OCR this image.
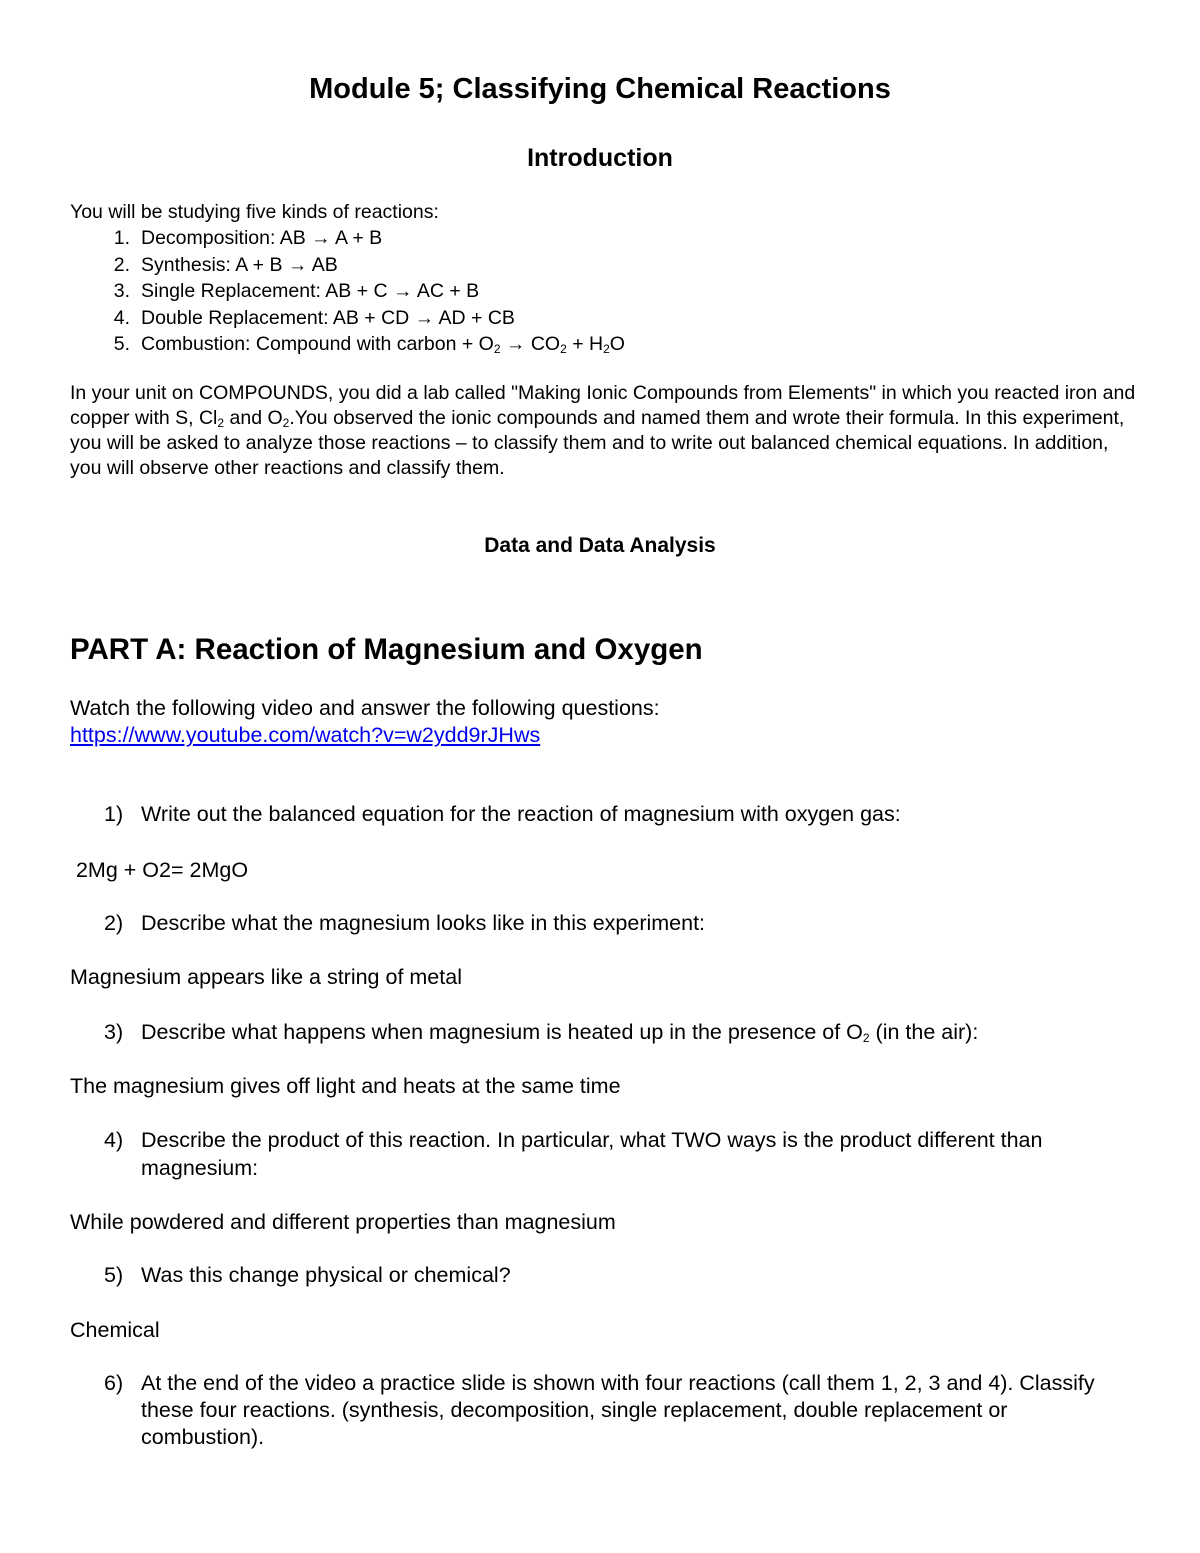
Module 5; Classifying Chemical Reactions
Introduction
You will be studying five kinds of reactions:
1. Decomposition: AB → A + B
2. Synthesis: A + B → AB
3. Single Replacement: AB + C → AC + B
4. Double Replacement: AB + CD → AD + CB
5. Combustion: Compound with carbon + $O_2 \to CO_2 + H_2O$
In your unit on COMPOUNDS, you did a lab called "Making Ionic Compounds from Elements" in which you reacted iron and copper with S, $Cl_2$ and $O_2.You$ observed the ionic compounds and named them and wrote their formula. In this experiment, you will be asked to analyze those reactions – to classify them and to write out balanced chemical equations. In addition, you will observe other reactions and classify them.
Data and Data Analysis
PART A: Reaction of Magnesium and Oxygen
Watch the following video and answer the following questions:
https://www.youtube.com/watch?v=w2ydd9rJHws
1) Write out the balanced equation for the reaction of magnesium with oxygen gas:
2Mg + O2= 2MgO
2) Describe what the magnesium looks like in this experiment:
Magnesium appears like a string of metal
3) Describe what happens when magnesium is heated up in the presence of $O_2$ (in the air):
The magnesium gives off light and heats at the same time
4) Describe the product of this reaction. In particular, what TWO ways is the product different than magnesium:
While powdered and different properties than magnesium
5) Was this change physical or chemical?
Chemical
6) At the end of the video a practice slide is shown with four reactions (call them 1, 2, 3 and 4). Classify these four reactions. (synthesis, decomposition, single replacement, double replacement or combustion).
